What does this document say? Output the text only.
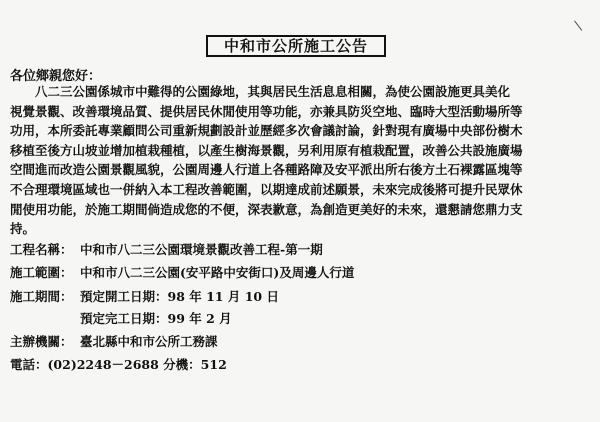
中和市公所施工公告
\
各位鄉親您好：
　　八二三公園係城市中難得的公園綠地，其與居民生活息息相關，為使公園設施更具美化
視覺景觀、改善環境品質、提供居民休閒使用等功能，亦兼具防災空地、臨時大型活動場所等
功用，本所委託專業顧問公司重新規劃設計並歷經多次會議討論，針對現有廣場中央部份樹木
移植至後方山坡並增加植栽種植，以產生樹海景觀，另利用原有植栽配置，改善公共設施廣場
空間進而改造公園景觀風貌，公園周邊人行道上各種路障及安平派出所右後方土石裸露區塊等
不合理環境區域也一併納入本工程改善範圍，以期達成前述願景，未來完成後將可提升民眾休
閒使用功能，於施工期間倘造成您的不便，深表歉意，為創造更美好的未來，還懇請您鼎力支
持。
工程名稱： 中和市八二三公園環境景觀改善工程-第一期
施工範圍： 中和市八二三公園(安平路中安街口)及周邊人行道
施工期間： 預定開工日期：98 年 11 月 10 日
預定完工日期：99 年 2 月
主辦機關： 臺北縣中和市公所工務課
電話：(02)2248－2688 分機：512
